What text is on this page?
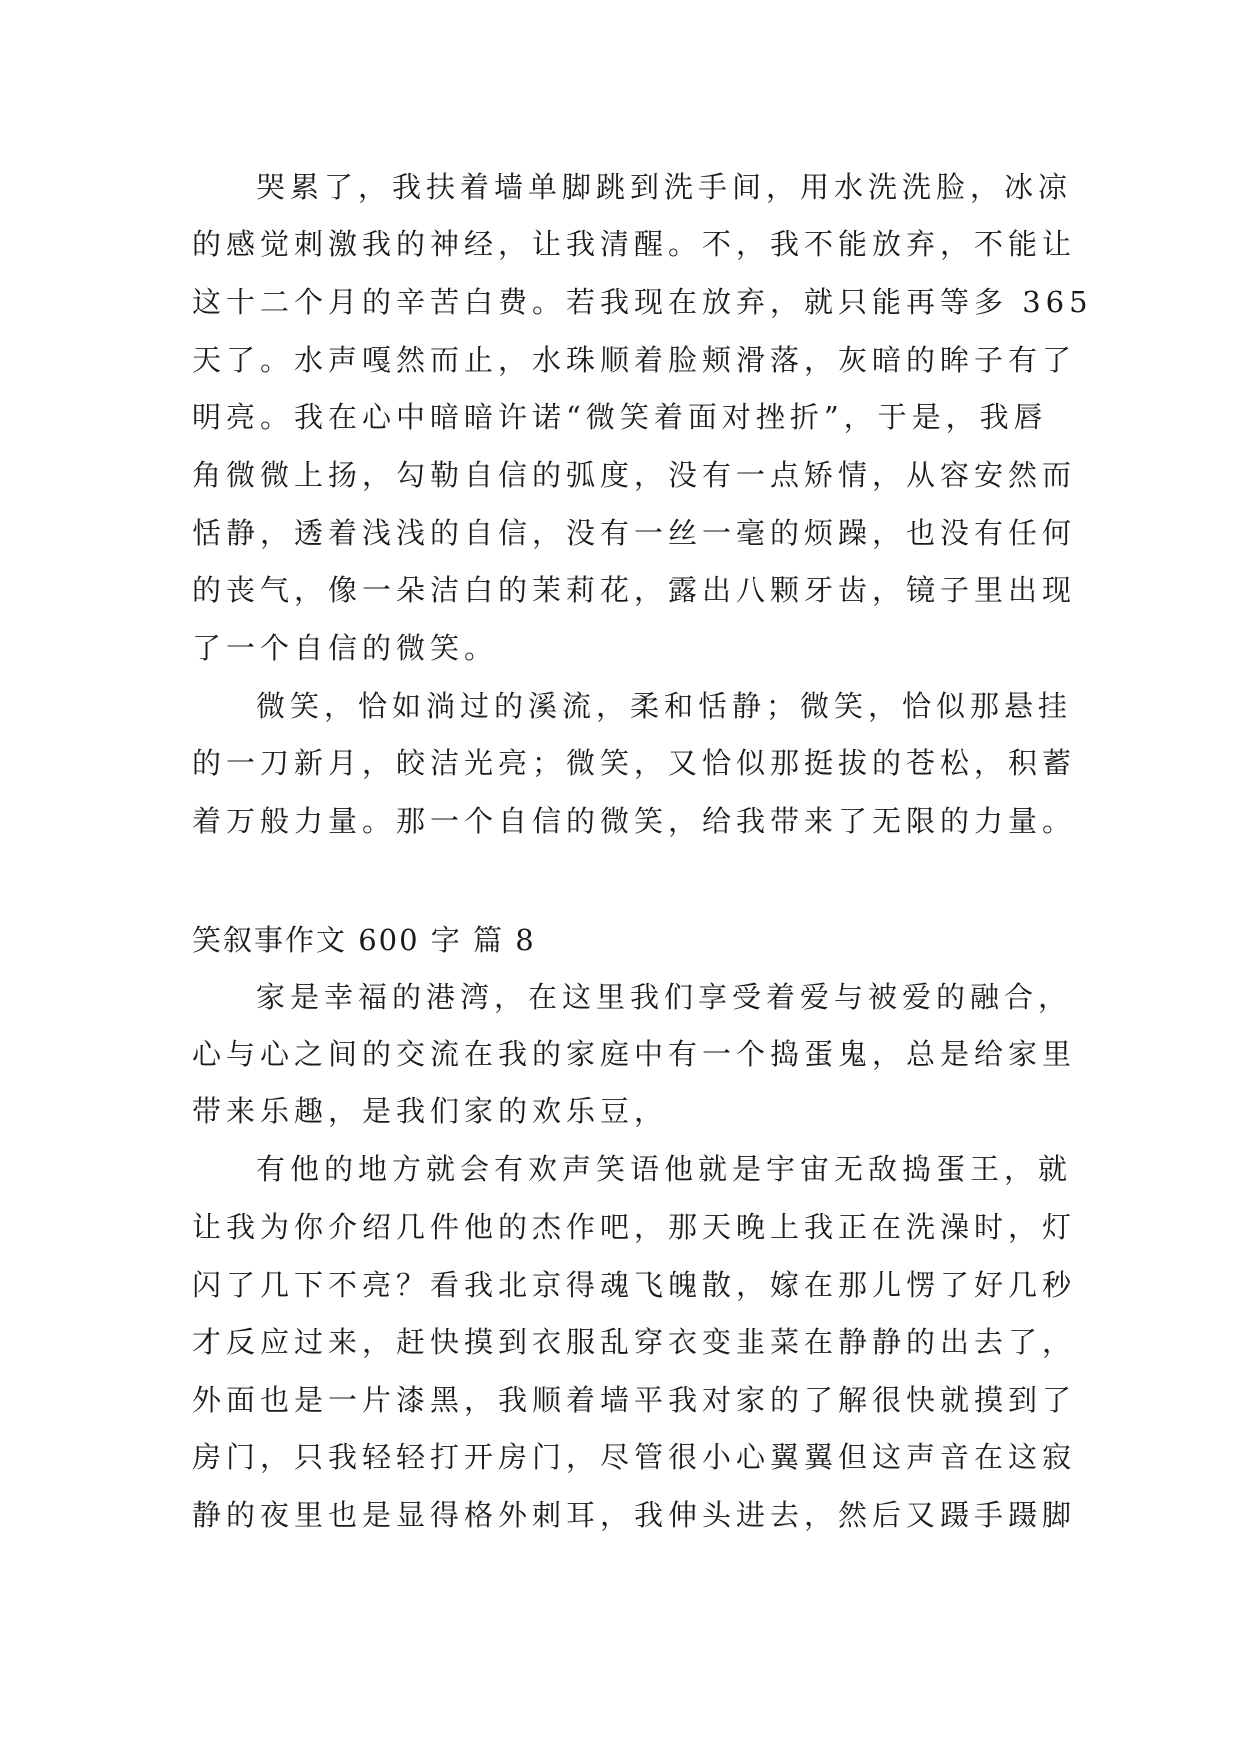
哭累了，我扶着墙单脚跳到洗手间，用水洗洗脸，冰凉
的感觉刺激我的神经，让我清醒。不，我不能放弃，不能让
这十二个月的辛苦白费。若我现在放弃，就只能再等多 365
天了。水声嘎然而止，水珠顺着脸颊滑落，灰暗的眸子有了
明亮。我在心中暗暗许诺“微笑着面对挫折”，于是，我唇
角微微上扬，勾勒自信的弧度，没有一点矫情，从容安然而
恬静，透着浅浅的自信，没有一丝一毫的烦躁，也没有任何
的丧气，像一朵洁白的茉莉花，露出八颗牙齿，镜子里出现
了一个自信的微笑。
微笑，恰如淌过的溪流，柔和恬静；微笑，恰似那悬挂
的一刀新月，皎洁光亮；微笑，又恰似那挺拔的苍松，积蓄
着万般力量。那一个自信的微笑，给我带来了无限的力量。
笑叙事作文 600 字 篇 8
家是幸福的港湾，在这里我们享受着爱与被爱的融合，
心与心之间的交流在我的家庭中有一个捣蛋鬼，总是给家里
带来乐趣，是我们家的欢乐豆，
有他的地方就会有欢声笑语他就是宇宙无敌捣蛋王，就
让我为你介绍几件他的杰作吧，那天晚上我正在洗澡时，灯
闪了几下不亮？看我北京得魂飞魄散，嫁在那儿愣了好几秒
才反应过来，赶快摸到衣服乱穿衣变韭菜在静静的出去了，
外面也是一片漆黑，我顺着墙平我对家的了解很快就摸到了
房门，只我轻轻打开房门，尽管很小心翼翼但这声音在这寂
静的夜里也是显得格外刺耳，我伸头进去，然后又蹑手蹑脚
